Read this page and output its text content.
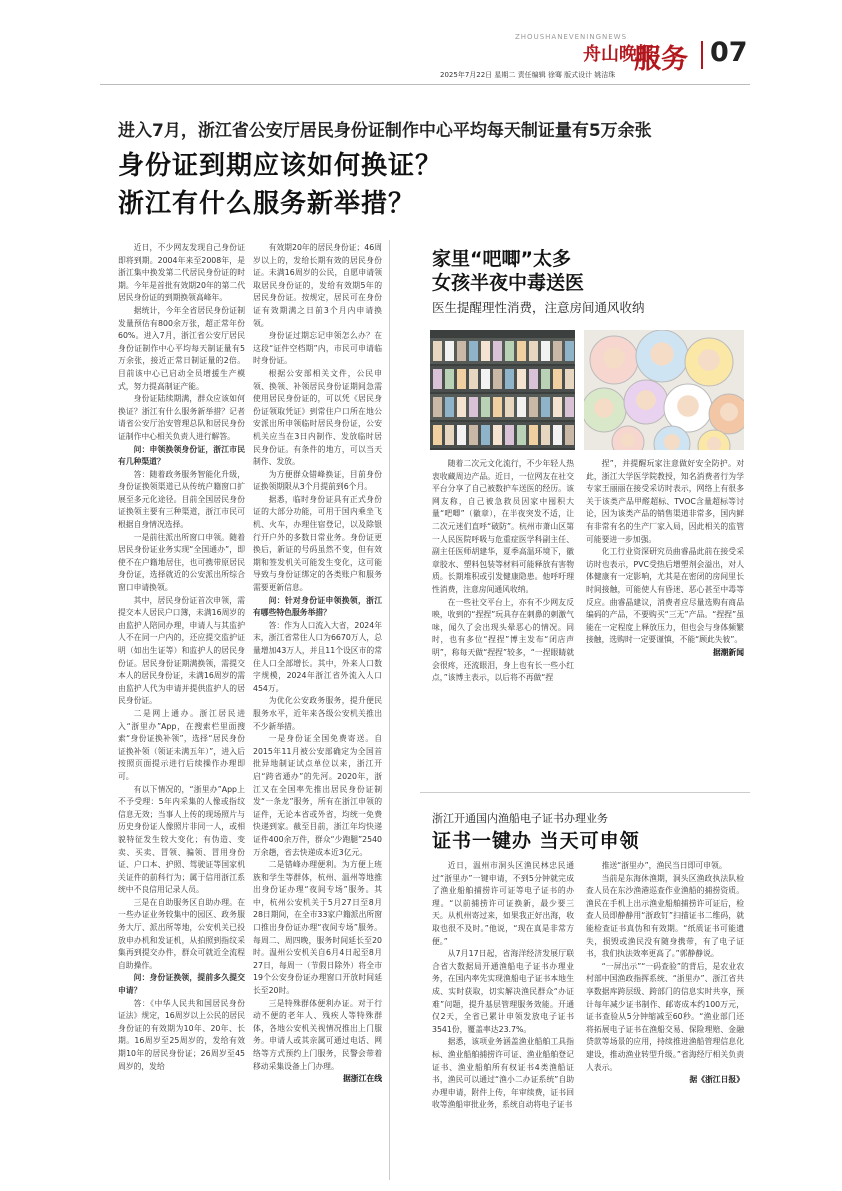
ZHOUSHANEVENINGNEWS
舟山晚报
服务 07
2025年7月22日 星期二 责任编辑 徐骞 版式设计 姚洁珠
进入7月，浙江省公安厅居民身份证制作中心平均每天制证量有5万余张
身份证到期应该如何换证？
浙江有什么服务新举措？

近日，不少网友发现自己身份证即将到期。2004年来至2008年，是浙江集中换发第二代居民身份证的时期。今年是首批有效期20年的第二代居民身份证的到期换领高峰年。

据统计，今年全省居民身份证制发量预估有800余万张，超正常年份60%。进入7月，浙江省公安厅居民身份证制作中心平均每天制证量有5万余张，接近正常日制证量的2倍。目前该中心已启动全员增援生产模式，努力提高制证产能。

身份证陆续期满，群众应该如何换证？浙江有什么服务新举措？记者请省公安厅治安管理总队和居民身份证制作中心相关负责人进行解答。

问：申领换领身份证，浙江市民有几种渠道？

答：随着政务服务智能化升级，身份证换领渠道已从传统户籍窗口扩展至多元化途径。目前全国居民身份证换领主要有三种渠道，浙江市民可根据自身情况选择。

一是前往派出所窗口申领。随着居民身份证业务实现“全国通办”，即使不在户籍地居住，也可携带原居民身份证，选择就近的公安派出所综合窗口申请换领。

其中，居民身份证首次申领，需提交本人居民户口簿，未满16周岁的由监护人陪同办理，申请人与其监护人不在同一户内的，还应提交监护证明（如出生证等）和监护人的居民身份证。居民身份证期满换领，需提交本人的居民身份证，未满16周岁的需由监护人代为申请并提供监护人的居民身份证。

二是网上通办。浙江居民进入“浙里办”App，在搜索栏里面搜索“身份证换补领”，选择“居民身份证换补领（领证未满五年）”，进入后按照页面提示进行后续操作办理即可。

有以下情况的，“浙里办”App上不予受理：5年内采集的人像或指纹信息无效；当事人上传的现场照片与历史身份证人像照片非同一人，或相貌特征发生较大变化；有伪造、变卖、买卖、冒领、骗领、冒用身份证、户口本、护照、驾驶证等国家机关证件的前科行为；属于信用浙江系统中不良信用记录人员。

三是在自助服务区自助办理。在一些办证业务较集中的园区、政务服务大厅、派出所等地，公安机关已投放申办机和发证机，从拍照到指纹采集再到提交办件，群众可就近全流程自助操作。

问：身份证换领，提前多久提交申请？

答：《中华人民共和国居民身份证法》规定，16周岁以上公民的居民身份证的有效期为10年、20年、长期。16周岁至25周岁的，发给有效期10年的居民身份证；26周岁至45周岁的，发给

有效期20年的居民身份证；46周岁以上的，发给长期有效的居民身份证。未满16周岁的公民，自愿申请领取居民身份证的，发给有效期5年的居民身份证。按规定，居民可在身份证有效期满之日前3个月内申请换领。

身份证过期忘记申领怎么办？在这段“证件空档期”内，市民可申请临时身份证。

根据公安部相关文件，公民申领、换领、补领居民身份证期间急需使用居民身份证的，可以凭《居民身份证领取凭证》到常住户口所在地公安派出所申领临时居民身份证，公安机关应当在3日内制作、发放临时居民身份证。有条件的地方，可以当天制作、发放。

为方便群众错峰换证，目前身份证换领期限从3个月提前到6个月。

据悉，临时身份证具有正式身份证的大部分功能，可用于国内乘坐飞机、火车，办理住宿登记，以及除银行开户外的多数日常业务。身份证更换后，新证的号码虽然不变，但有效期和签发机关可能发生变化，这可能导致与身份证绑定的各类账户和服务需要更新信息。

问：针对身份证申领换领，浙江有哪些特色服务举措？

答：作为人口流入大省，2024年末，浙江省常住人口为6670万人，总量增加43万人，并且11个设区市的常住人口全部增长。其中，外来人口数字规模，2024年浙江省外流入人口454万。

为优化公安政务服务，提升便民服务水平，近年来各级公安机关推出不少新举措。

一是身份证全国免费寄送。自2015年11月被公安部确定为全国首批异地制证试点单位以来，浙江开启“跨省通办”的先河。2020年，浙江又在全国率先推出居民身份证制发“一条龙”服务，所有在浙江申领的证件，无论本省或外省，均统一免费快递到家。截至目前，浙江年均快递证件400余万件，群众“少跑腿”2540万余趟，省去快递成本近3亿元。

二是错峰办理便利。为方便上班族和学生等群体，杭州、温州等地推出身份证办理“夜间专场”服务。其中，杭州公安机关于5月27日至8月28日期间，在全市33家户籍派出所窗口推出身份证办理“夜间专场”服务。每周二、周四晚，服务时间延长至20时。温州公安机关自6月4日起至8月27日，每周一（节假日除外）将全市19个公安身份证办理窗口开放时间延长至20时。

三是特殊群体便利办证。对于行动不便的老年人、残疾人等特殊群体，各地公安机关视情况推出上门服务。申请人或其亲属可通过电话、网络等方式预约上门服务，民警会带着移动采集设备上门办理。

据浙江在线
家里“吧唧”太多
女孩半夜中毒送医
医生提醒理性消费，注意房间通风收纳

随着二次元文化流行，不少年轻人热衷收藏周边产品。近日，一位网友在社交平台分享了自己被数护车送医的经历。该网友称，自己被急救员因家中囤积大量“吧唧”（徽章），在半夜突发不适，让二次元迷们直呼“破防”。杭州市萧山区第一人民医院呼吸与危重症医学科副主任、副主任医师胡建华，夏季高温环境下，徽章胶水、塑料包装等材料可能释放有害物质。长期堆积或引发健康隐患。他呼吁理性消费，注意房间通风收纳。

在一些社交平台上，亦有不少网友反映，收到的“捏捏”玩具存在刺鼻的刺激气味，闻久了会出现头晕恶心的情况。同时，也有多位“捏捏”博主发布“闭店声明”，称每天做“捏捏”较多，“一捏眼睛就会很疼，还流眼泪，身上也有长一些小红点，”该博主表示，以后将不再做“捏

捏”，并提醒玩家注意做好安全防护。对此，浙江大学医学院教授，知名消费者行为学专家王丽丽在接受采访时表示，网络上有很多关于该类产品甲醛超标、TVOC含量超标等讨论，因为该类产品的销售渠道非常多，国内鲜有非常有名的生产厂家入局，因此相关的监管可能要进一步加强。

化工行业资深研究员曲睿晶此前在接受采访时也表示，PVC受热后增塑剂会溢出，对人体健康有一定影响，尤其是在密闭的房间里长时间接触，可能使人有昏迷、恶心甚至中毒等反应。曲睿晶建议，消费者应尽量选购有商品编码的产品，不要购买“三无”产品。“捏捏”虽能在一定程度上释放压力，但也会与身体频繁接触，选购时一定要谨慎，不能“顾此失彼”。

据潮新闻
浙江开通国内渔船电子证书办理业务
证书一键办 当天可申领

近日，温州市洞头区渔民林忠民通过“浙里办”一键申请，不到5分钟就完成了渔业船舶捕捞许可证等电子证书的办理。“以前捕捞许可证换新，最少要三天。从机州寄过来，如果我正好出海，收取也很不及时。”他说，“现在真是非常方便。”

从7月17日起，省海洋经济发展厅联合省大数据局开通渔船电子证书办理业务，在国内率先实现渔船电子证书本地生成、实时获取，切实解决渔民群众“办证难”问题，提升基层管理服务效能。开通仅2天，全省已累计申领发放电子证书3541份，覆盖率达23.7%。

据悉，该项业务涵盖渔业船舶工具指标、渔业船舶捕捞许可证、渔业船舶登记证书、渔业船舶所有权证书4类渔船证书，渔民可以通过“渔小二办证系统”自助办理申请，附件上传，年审续费，证书回收等渔船审批业务，系统自动将电子证书

推送“浙里办”，渔民当日即可申领。

当前是东海休渔期，洞头区渔政执法队检查人员在东沙渔港巡查作业渔船的捕捞资质。渔民在手机上出示渔业船舶捕捞许可证后，检查人员即静静用“浙政钉”扫描证书二维码，就能检查证书真伪和有效期。“纸质证书可能遗失，损毁或渔民没有随身携带，有了电子证书，我们执法效率更高了。”郭静静说。

“一屏出示”“一码查验”的背后，是农业农村部中国渔政指挥系统、“浙里办”、浙江省共享数据库跨层级、跨部门的信息实时共享，预计每年减少证书制作、邮寄成本约100万元，证书查验从5分钟缩减至60秒。“渔业部门还将拓展电子证书在渔船交易、保险理赔、金融贷款等场景的应用，持续推进渔船管理信息化建设，推动渔业转型升级。”省海经厅相关负责人表示。

据《浙江日报》
